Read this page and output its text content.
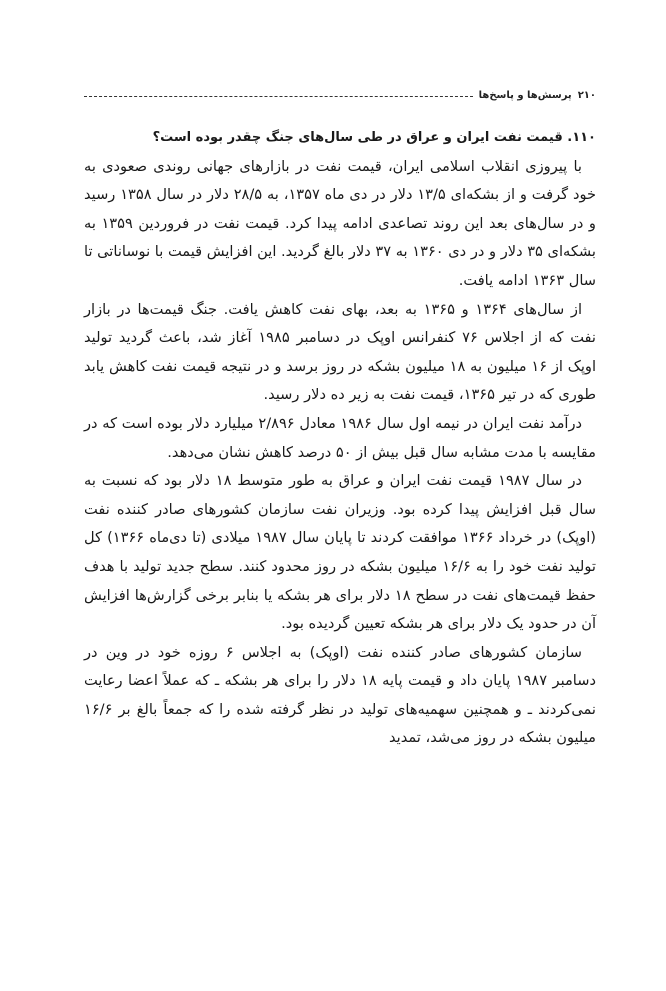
۲۱۰
پرسش‌ها و پاسخ‌ها

۱۱۰. قیمت نفت ایران و عراق در طی سال‌های جنگ چقدر بوده است؟

با پیروزی انقلاب اسلامی ایران، قیمت نفت در بازارهای جهانی روندی صعودی به خود گرفت و از بشکه‌ای ۱۳/۵ دلار در دی ماه ۱۳۵۷، به ۲۸/۵ دلار در سال ۱۳۵۸ رسید و در سال‌های بعد این روند تصاعدی ادامه پیدا کرد. قیمت نفت در فروردین ۱۳۵۹ به بشکه‌ای ۳۵ دلار و در دی ۱۳۶۰ به ۳۷ دلار بالغ گردید. این افزایش قیمت با نوساناتی تا سال ۱۳۶۳ ادامه یافت.

از سال‌های ۱۳۶۴ و ۱۳۶۵ به بعد، بهای نفت کاهش یافت. جنگ قیمت‌ها در بازار نفت که از اجلاس ۷۶ کنفرانس اوپک در دسامبر ۱۹۸۵ آغاز شد، باعث گردید تولید اوپک از ۱۶ میلیون به ۱۸ میلیون بشکه در روز برسد و در نتیجه قیمت نفت کاهش یابد طوری که در تیر ۱۳۶۵، قیمت نفت به زیر ده دلار رسید.

درآمد نفت ایران در نیمه اول سال ۱۹۸۶ معادل ۲/۸۹۶ میلیارد دلار بوده است که در مقایسه با مدت مشابه سال قبل بیش از ۵۰ درصد کاهش نشان می‌دهد.

در سال ۱۹۸۷ قیمت نفت ایران و عراق به طور متوسط ۱۸ دلار بود که نسبت به سال قبل افزایش پیدا کرده بود. وزیران نفت سازمان کشورهای صادر کننده نفت (اوپک) در خرداد ۱۳۶۶ موافقت کردند تا پایان سال ۱۹۸۷ میلادی (تا دی‌ماه ۱۳۶۶) کل تولید نفت خود را به ۱۶/۶ میلیون بشکه در روز محدود کنند. سطح جدید تولید با هدف حفظ قیمت‌های نفت در سطح ۱۸ دلار برای هر بشکه یا بنابر برخی گزارش‌ها افزایش آن در حدود یک دلار برای هر بشکه تعیین گردیده بود.

سازمان کشورهای صادر کننده نفت (اوپک) به اجلاس ۶ روزه خود در وین در دسامبر ۱۹۸۷ پایان داد و قیمت پایه ۱۸ دلار را برای هر بشکه ـ که عملاً اعضا رعایت نمی‌کردند ـ و همچنین سهمیه‌های تولید در نظر گرفته شده را که جمعاً بالغ بر ۱۶/۶ میلیون بشکه در روز می‌شد، تمدید
